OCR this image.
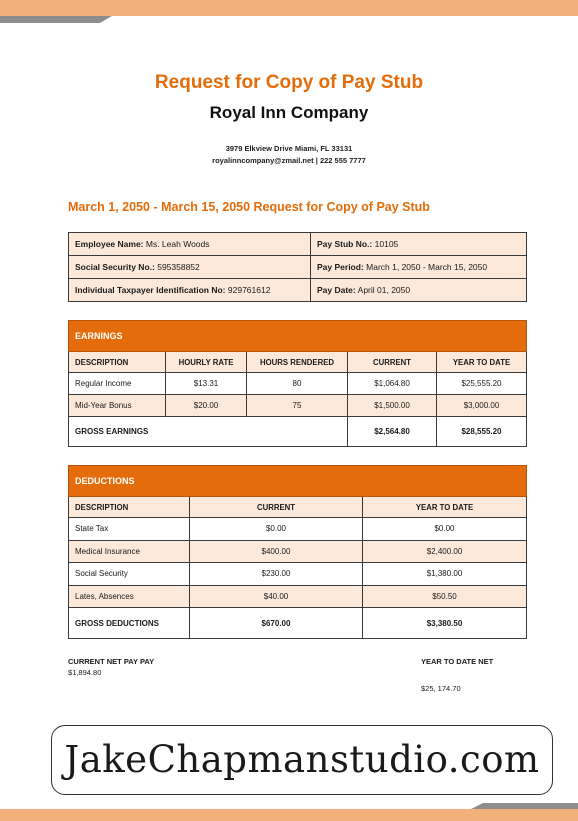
Request for Copy of Pay Stub
Royal Inn Company
3979 Elkview Drive Miami, FL 33131
royalinncompany@zmail.net | 222 555 7777
March 1, 2050 - March 15, 2050 Request for Copy of Pay Stub
Employee Name: Ms. Leah Woods	Pay Stub No.: 10105
Social Security No.: 595358852	Pay Period: March 1, 2050 - March 15, 2050
Individual Taxpayer Identification No: 929761612	Pay Date: April 01, 2050
EARNINGS				
DESCRIPTION	HOURLY RATE	HOURS RENDERED	CURRENT	YEAR TO DATE
Regular Income	$13.31	80	$1,064.80	$25,555.20
Mid-Year Bonus	$20.00	75	$1,500.00	$3,000.00
GROSS EARNINGS			$2,564.80	$28,555.20
DEDUCTIONS		
DESCRIPTION	CURRENT	YEAR TO DATE
State Tax	$0.00	$0.00
Medical Insurance	$400.00	$2,400.00
Social Security	$230.00	$1,380.00
Lates, Absences	$40.00	$50.50
GROSS DEDUCTIONS	$670.00	$3,380.50
CURRENT NET PAY PAY
$1,894.80
YEAR TO DATE NET
$25, 174.70
JakeChapmanstudio.com
